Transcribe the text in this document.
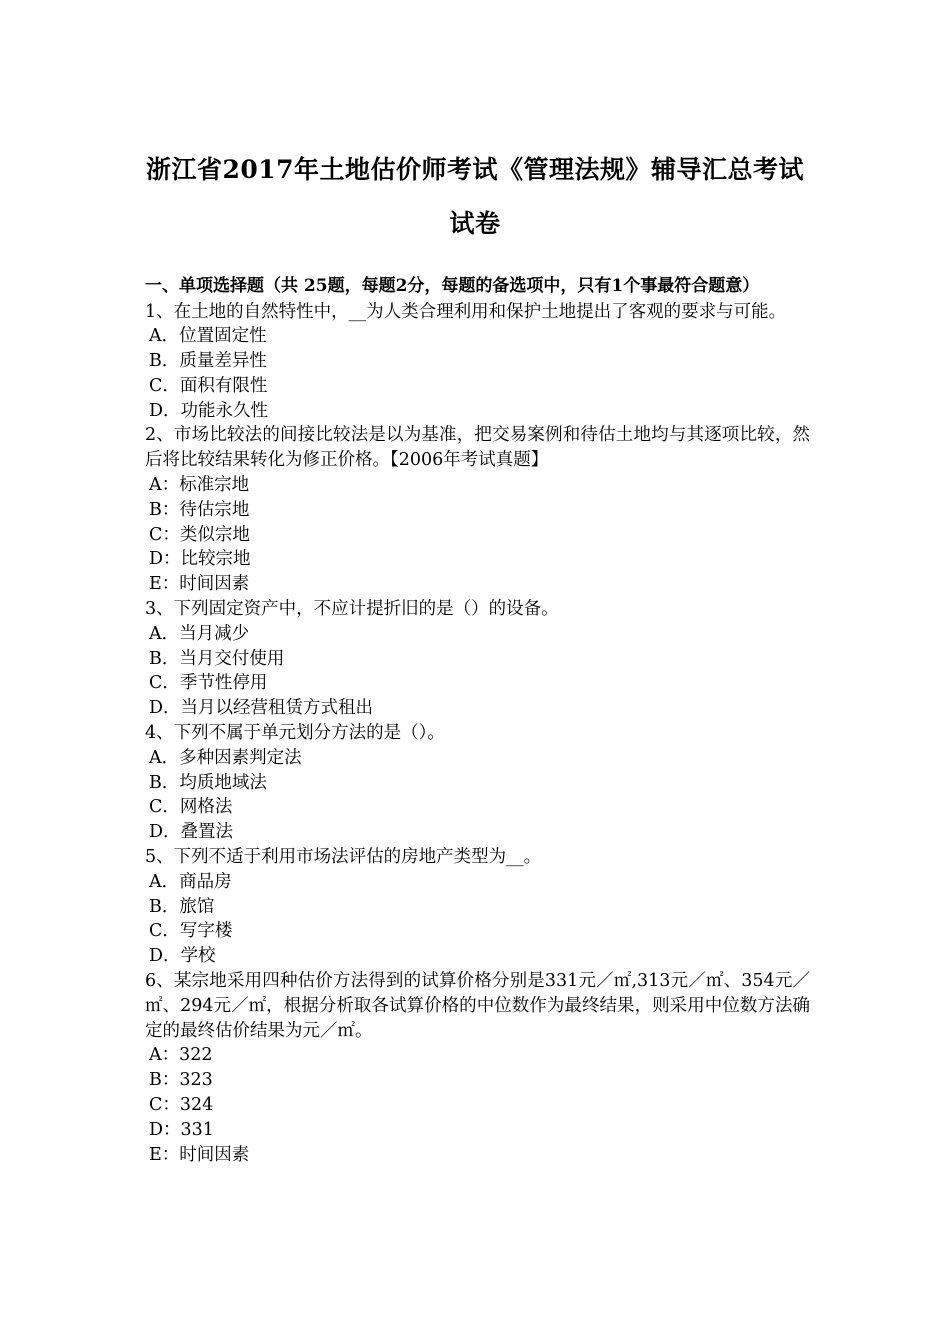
浙江省2017年土地估价师考试《管理法规》辅导汇总考试
试卷
一、单项选择题（共 25题，每题2分，每题的备选项中，只有1个事最符合题意）

1、在土地的自然特性中，__为人类合理利用和保护土地提出了客观的要求与可能。

A．位置固定性

B．质量差异性

C．面积有限性

D．功能永久性

2、市场比较法的间接比较法是以为基准，把交易案例和待估土地均与其逐项比较，然后将比较结果转化为修正价格。【2006年考试真题】

A：标准宗地

B：待估宗地

C：类似宗地

D：比较宗地

E：时间因素

3、下列固定资产中，不应计提折旧的是（）的设备。

A．当月减少

B．当月交付使用

C．季节性停用

D．当月以经营租赁方式租出

4、下列不属于单元划分方法的是（）。

A．多种因素判定法

B．均质地域法

C．网格法

D．叠置法

5、下列不适于利用市场法评估的房地产类型为__。

A．商品房

B．旅馆

C．写字楼

D．学校

6、某宗地采用四种估价方法得到的试算价格分别是331元／㎡,313元／㎡、354元／㎡、294元／㎡，根据分析取各试算价格的中位数作为最终结果，则采用中位数方法确定的最终估价结果为元／㎡。

A：322

B：323

C：324

D：331

E：时间因素
